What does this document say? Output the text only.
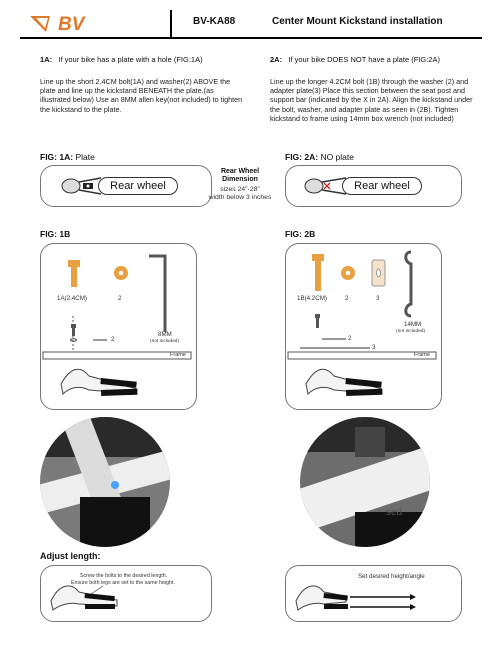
BV	BV-KA88	Center Mount Kickstand installation
1A: If your bike has a plate with a hole (FIG:1A)
Line up the short 2.4CM bolt(1A) and washer(2) ABOVE the plate and line up the kickstand BENEATH the plate.(as illustrated below) Use an 8MM allen key(not included) to tighten the kickstand to the plate.
2A: If your bike DOES NOT have a plate (FIG:2A)
Line up the longer 4.2CM bolt (1B) through the washer (2) and adapter plate(3) Place this section between the seat post and support bar (indicated by the X in 2A). Align the kickstand under the bolt, washer, and adapter plate as seen in (2B). Tighten kickstand to frame using 14mm box wrench (not included)
FIG: 1A: Plate
Rear wheel
Rear Wheel
Dimension
sizes 24"-28"
width below 3 inches
FIG: 2A: NO plate
Rear wheel
FIG: 1B
1A(2.4CM)	2
8MM
(not included)
2
Frame
FIG: 2B
1B(4.2CM)	2	3
14MM
(not included)
2
3
Frame
sed
Adjust length:
Screw the bolts to the desired length.
Ensure both legs are set to the same height.
Set desired height/angle
